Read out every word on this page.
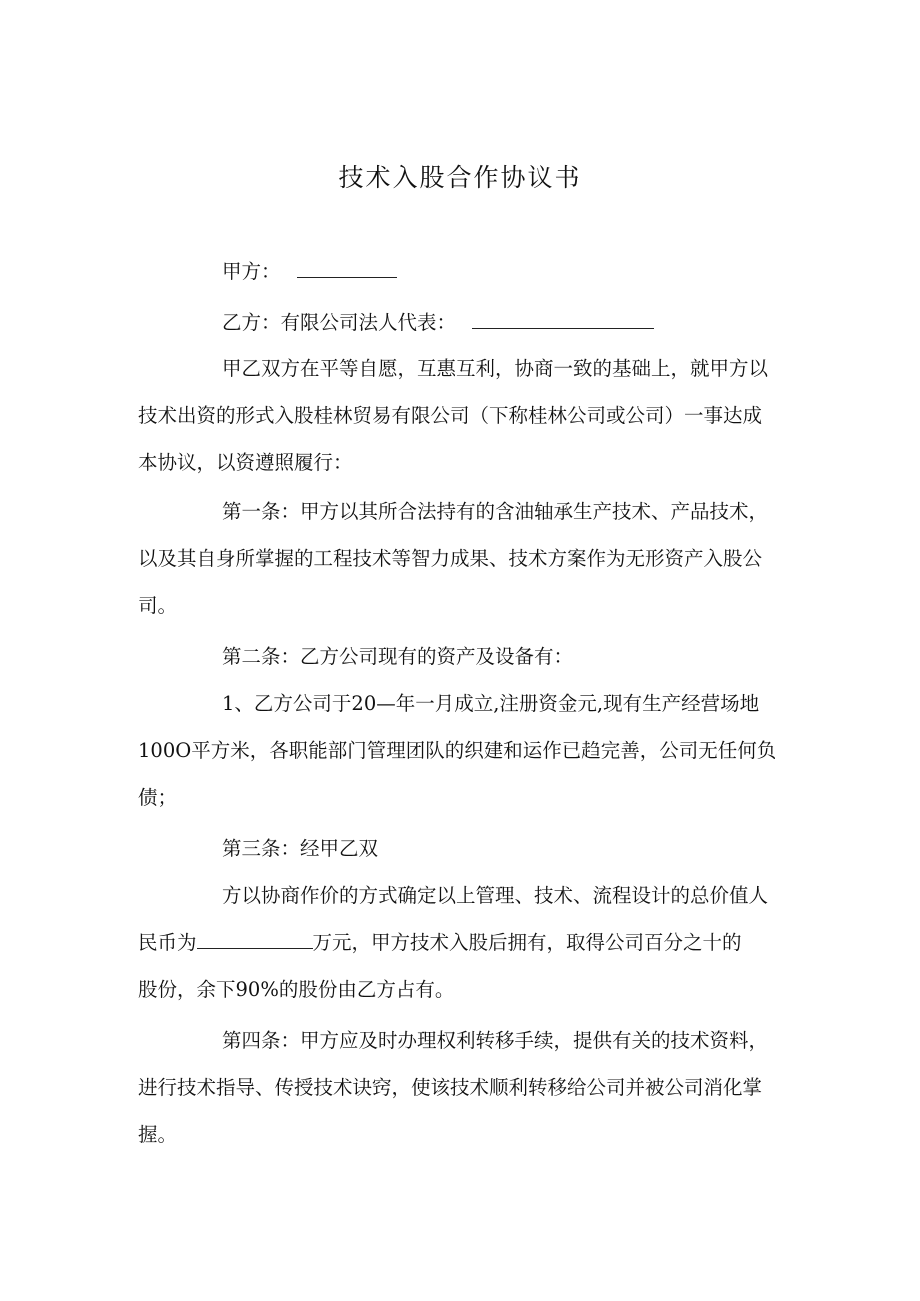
技术入股合作协议书
甲方：
乙方：有限公司法人代表：
甲乙双方在平等自愿，互惠互利，协商一致的基础上，就甲方以
技术出资的形式入股桂林贸易有限公司（下称桂林公司或公司）一事达成
本协议，以资遵照履行：
第一条：甲方以其所合法持有的含油轴承生产技术、产品技术，
以及其自身所掌握的工程技术等智力成果、技术方案作为无形资产入股公
司。
第二条：乙方公司现有的资产及设备有：
1、乙方公司于20—年一月成立,注册资金元,现有生产经营场地
100O平方米，各职能部门管理团队的织建和运作已趋完善，公司无任何负
债；
第三条：经甲乙双
方以协商作价的方式确定以上管理、技术、流程设计的总价值人
民币为	万元，甲方技术入股后拥有，取得公司百分之十的
股份，余下90%的股份由乙方占有。
第四条：甲方应及时办理权利转移手续，提供有关的技术资料，
进行技术指导、传授技术诀窍，使该技术顺利转移给公司并被公司消化掌
握。
